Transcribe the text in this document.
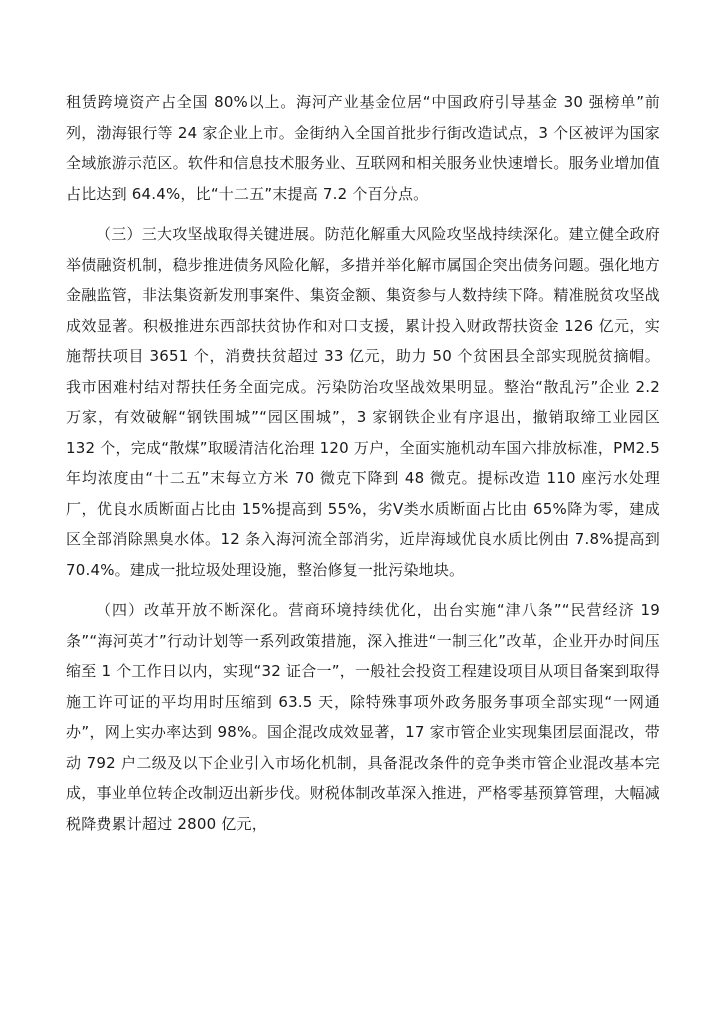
租赁跨境资产占全国 80%以上。海河产业基金位居“中国政府引导基金 30 强榜单”前列，渤海银行等 24 家企业上市。金街纳入全国首批步行街改造试点，3 个区被评为国家全域旅游示范区。软件和信息技术服务业、互联网和相关服务业快速增长。服务业增加值占比达到 64.4%，比“十二五”末提高 7.2 个百分点。

（三）三大攻坚战取得关键进展。防范化解重大风险攻坚战持续深化。建立健全政府举债融资机制，稳步推进债务风险化解，多措并举化解市属国企突出债务问题。强化地方金融监管，非法集资新发刑事案件、集资金额、集资参与人数持续下降。精准脱贫攻坚战成效显著。积极推进东西部扶贫协作和对口支援，累计投入财政帮扶资金 126 亿元，实施帮扶项目 3651 个，消费扶贫超过 33 亿元，助力 50 个贫困县全部实现脱贫摘帽。我市困难村结对帮扶任务全面完成。污染防治攻坚战效果明显。整治“散乱污”企业 2.2 万家，有效破解“钢铁围城”“园区围城”，3 家钢铁企业有序退出，撤销取缔工业园区 132 个，完成“散煤”取暖清洁化治理 120 万户，全面实施机动车国六排放标准，PM2.5 年均浓度由“十二五”末每立方米 70 微克下降到 48 微克。提标改造 110 座污水处理厂，优良水质断面占比由 15%提高到 55%，劣Ⅴ类水质断面占比由 65%降为零，建成区全部消除黑臭水体。12 条入海河流全部消劣，近岸海域优良水质比例由 7.8%提高到 70.4%。建成一批垃圾处理设施，整治修复一批污染地块。

（四）改革开放不断深化。营商环境持续优化，出台实施“津八条”“民营经济 19 条”“海河英才”行动计划等一系列政策措施，深入推进“一制三化”改革，企业开办时间压缩至 1 个工作日以内，实现“32 证合一”，一般社会投资工程建设项目从项目备案到取得施工许可证的平均用时压缩到 63.5 天，除特殊事项外政务服务事项全部实现“一网通办”，网上实办率达到 98%。国企混改成效显著，17 家市管企业实现集团层面混改，带动 792 户二级及以下企业引入市场化机制，具备混改条件的竞争类市管企业混改基本完成，事业单位转企改制迈出新步伐。财税体制改革深入推进，严格零基预算管理，大幅减税降费累计超过 2800 亿元，
